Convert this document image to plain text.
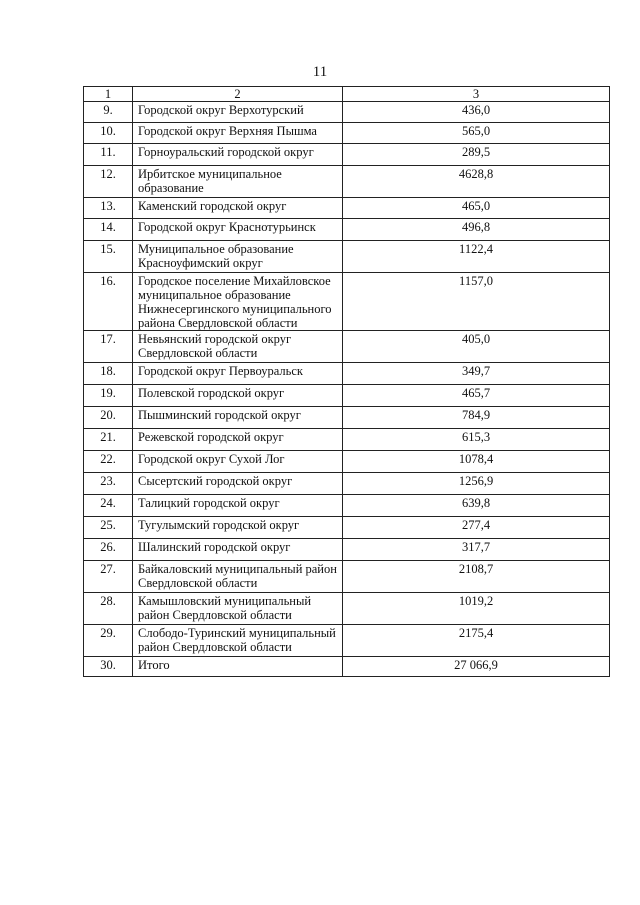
11
1	2	3
9.	Городской округ Верхотурский	436,0
10.	Городской округ Верхняя Пышма	565,0
11.	Горноуральский городской округ	289,5
12.	Ирбитское муниципальное образование	4628,8
13.	Каменский городской округ	465,0
14.	Городской округ Краснотурьинск	496,8
15.	Муниципальное образование Красноуфимский округ	1122,4
16.	Городское поселение Михайловское муниципальное образование Нижнесергинского муниципального района Свердловской области	1157,0
17.	Невьянский городской округ Свердловской области	405,0
18.	Городской округ Первоуральск	349,7
19.	Полевской городской округ	465,7
20.	Пышминский городской округ	784,9
21.	Режевской городской округ	615,3
22.	Городской округ Сухой Лог	1078,4
23.	Сысертский городской округ	1256,9
24.	Талицкий городской округ	639,8
25.	Тугулымский городской округ	277,4
26.	Шалинский городской округ	317,7
27.	Байкаловский муниципальный район Свердловской области	2108,7
28.	Камышловский муниципальный район Свердловской области	1019,2
29.	Слободо-Туринский муниципальный район Свердловской области	2175,4
30.	Итого	27 066,9
